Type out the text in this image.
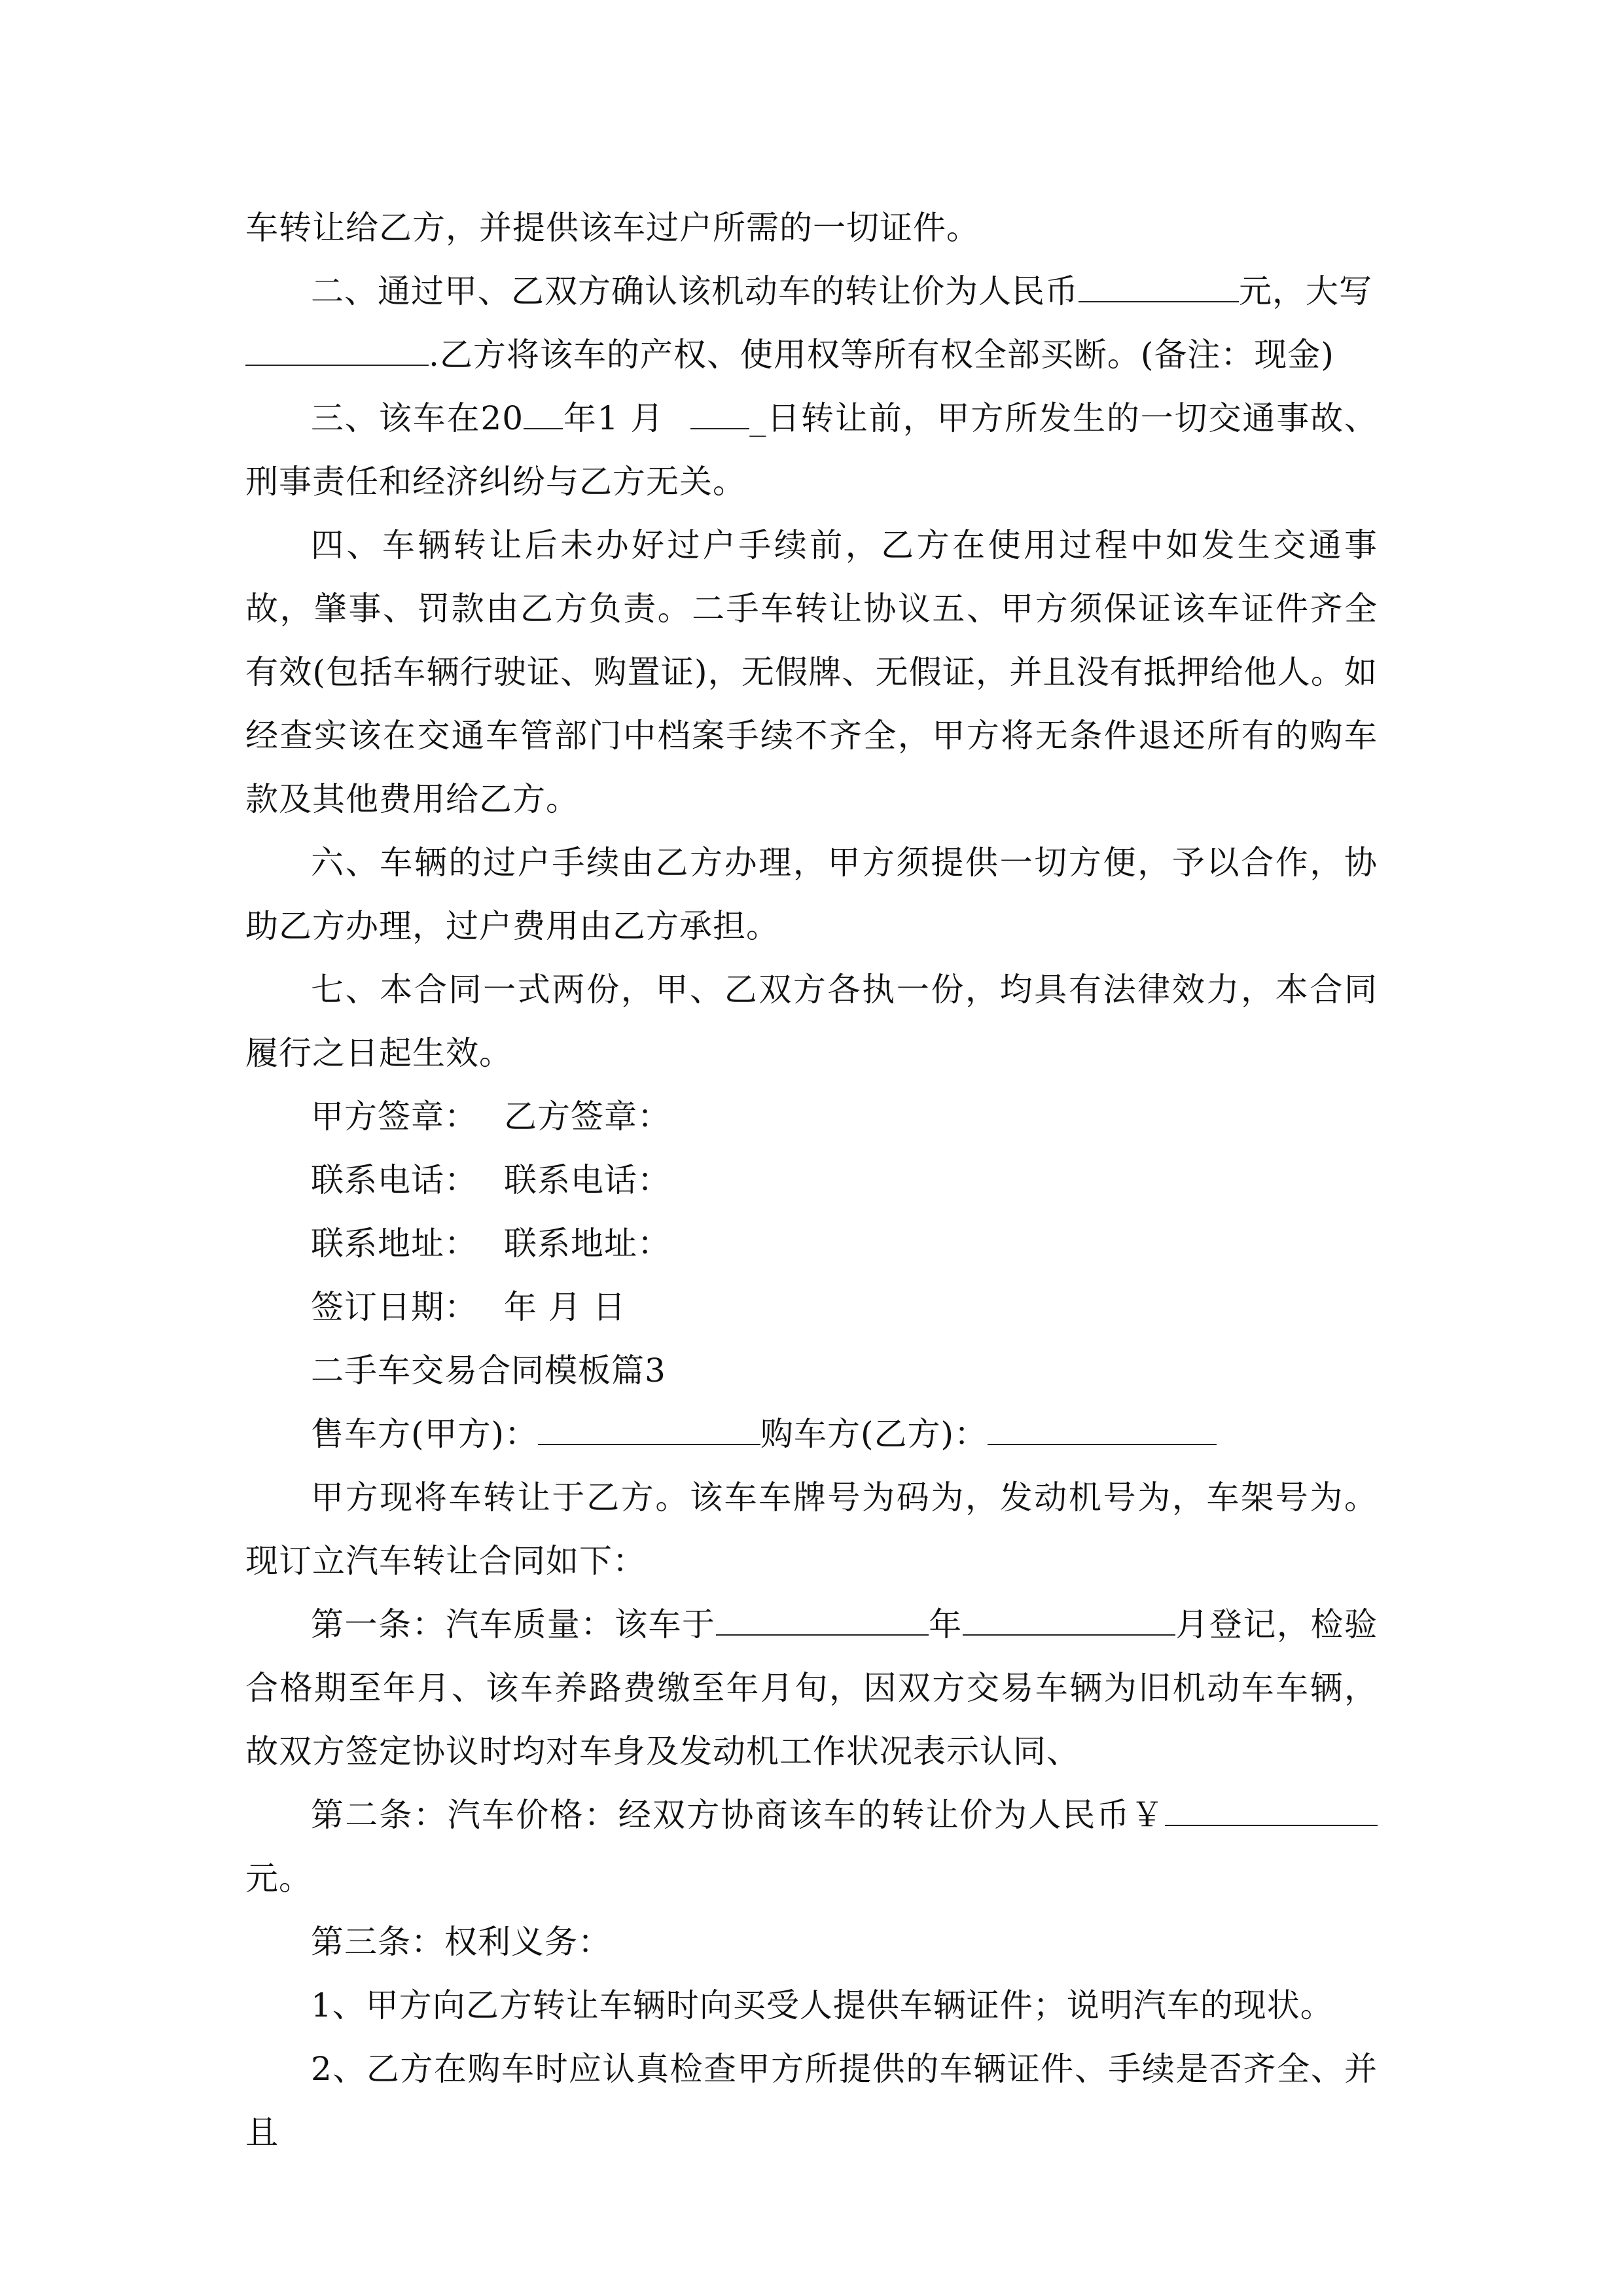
车转让给乙方，并提供该车过户所需的一切证件。

二、通过甲、乙双方确认该机动车的转让价为人民币	元，大写
.乙方将该车的产权、使用权等所有权全部买断。(备注：现金)

三、该车在20 年1 月	_日转让前，甲方所发生的一切交通事故、刑事责任和经济纠纷与乙方无关。

四、车辆转让后未办好过户手续前，乙方在使用过程中如发生交通事故，肇事、罚款由乙方负责。二手车转让协议五、甲方须保证该车证件齐全有效(包括车辆行驶证、购置证)，无假牌、无假证，并且没有抵押给他人。如经查实该在交通车管部门中档案手续不齐全，甲方将无条件退还所有的购车款及其他费用给乙方。

六、车辆的过户手续由乙方办理，甲方须提供一切方便，予以合作，协助乙方办理，过户费用由乙方承担。

七、本合同一式两份，甲、乙双方各执一份，均具有法律效力，本合同履行之日起生效。

甲方签章： 乙方签章：

联系电话： 联系电话：

联系地址： 联系地址：

签订日期： 年 月 日

二手车交易合同模板篇3

售车方(甲方)：	购车方(乙方)：

甲方现将车转让于乙方。该车车牌号为码为，发动机号为，车架号为。现订立汽车转让合同如下：

第一条：汽车质量：该车于	年	月登记，检验合格期至年月、该车养路费缴至年月旬，因双方交易车辆为旧机动车车辆，故双方签定协议时均对车身及发动机工作状况表示认同、

第二条：汽车价格：经双方协商该车的转让价为人民币￥元。

第三条：权利义务：

1、甲方向乙方转让车辆时向买受人提供车辆证件；说明汽车的现状。

2、乙方在购车时应认真检查甲方所提供的车辆证件、手续是否齐全、并且
